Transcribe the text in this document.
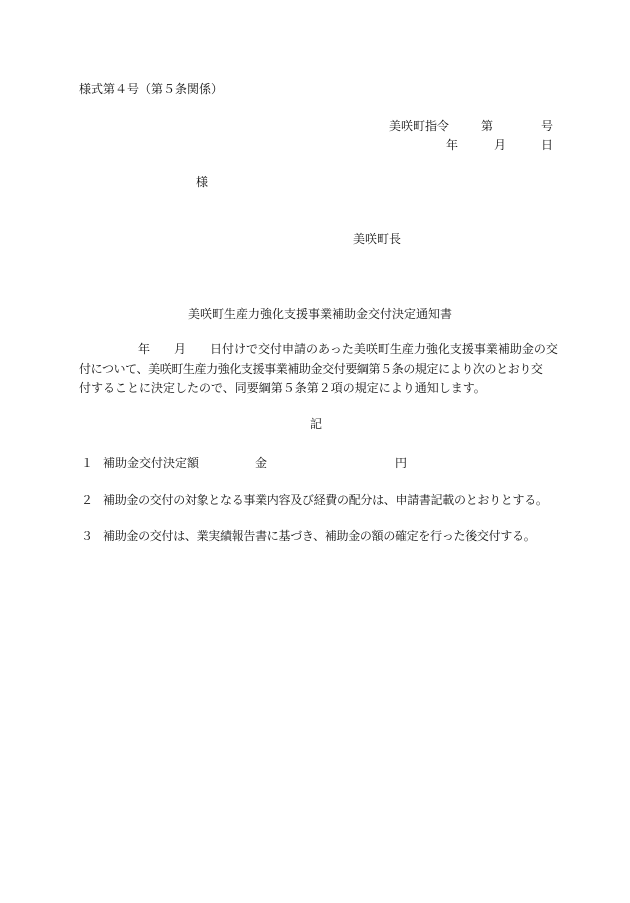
様式第４号（第５条関係）
美咲町指令	第	号
年	月	日
様
美咲町長
美咲町生産力強化支援事業補助金交付決定通知書
年 月 日付けで交付申請のあった美咲町生産力強化支援事業補助金の交
付について、美咲町生産力強化支援事業補助金交付要綱第５条の規定により次のとおり交
付することに決定したので、同要綱第５条第２項の規定により通知します。
記
１ 補助金交付決定額	金	円
２ 補助金の交付の対象となる事業内容及び経費の配分は、申請書記載のとおりとする。
３ 補助金の交付は、業実績報告書に基づき、補助金の額の確定を行った後交付する。
